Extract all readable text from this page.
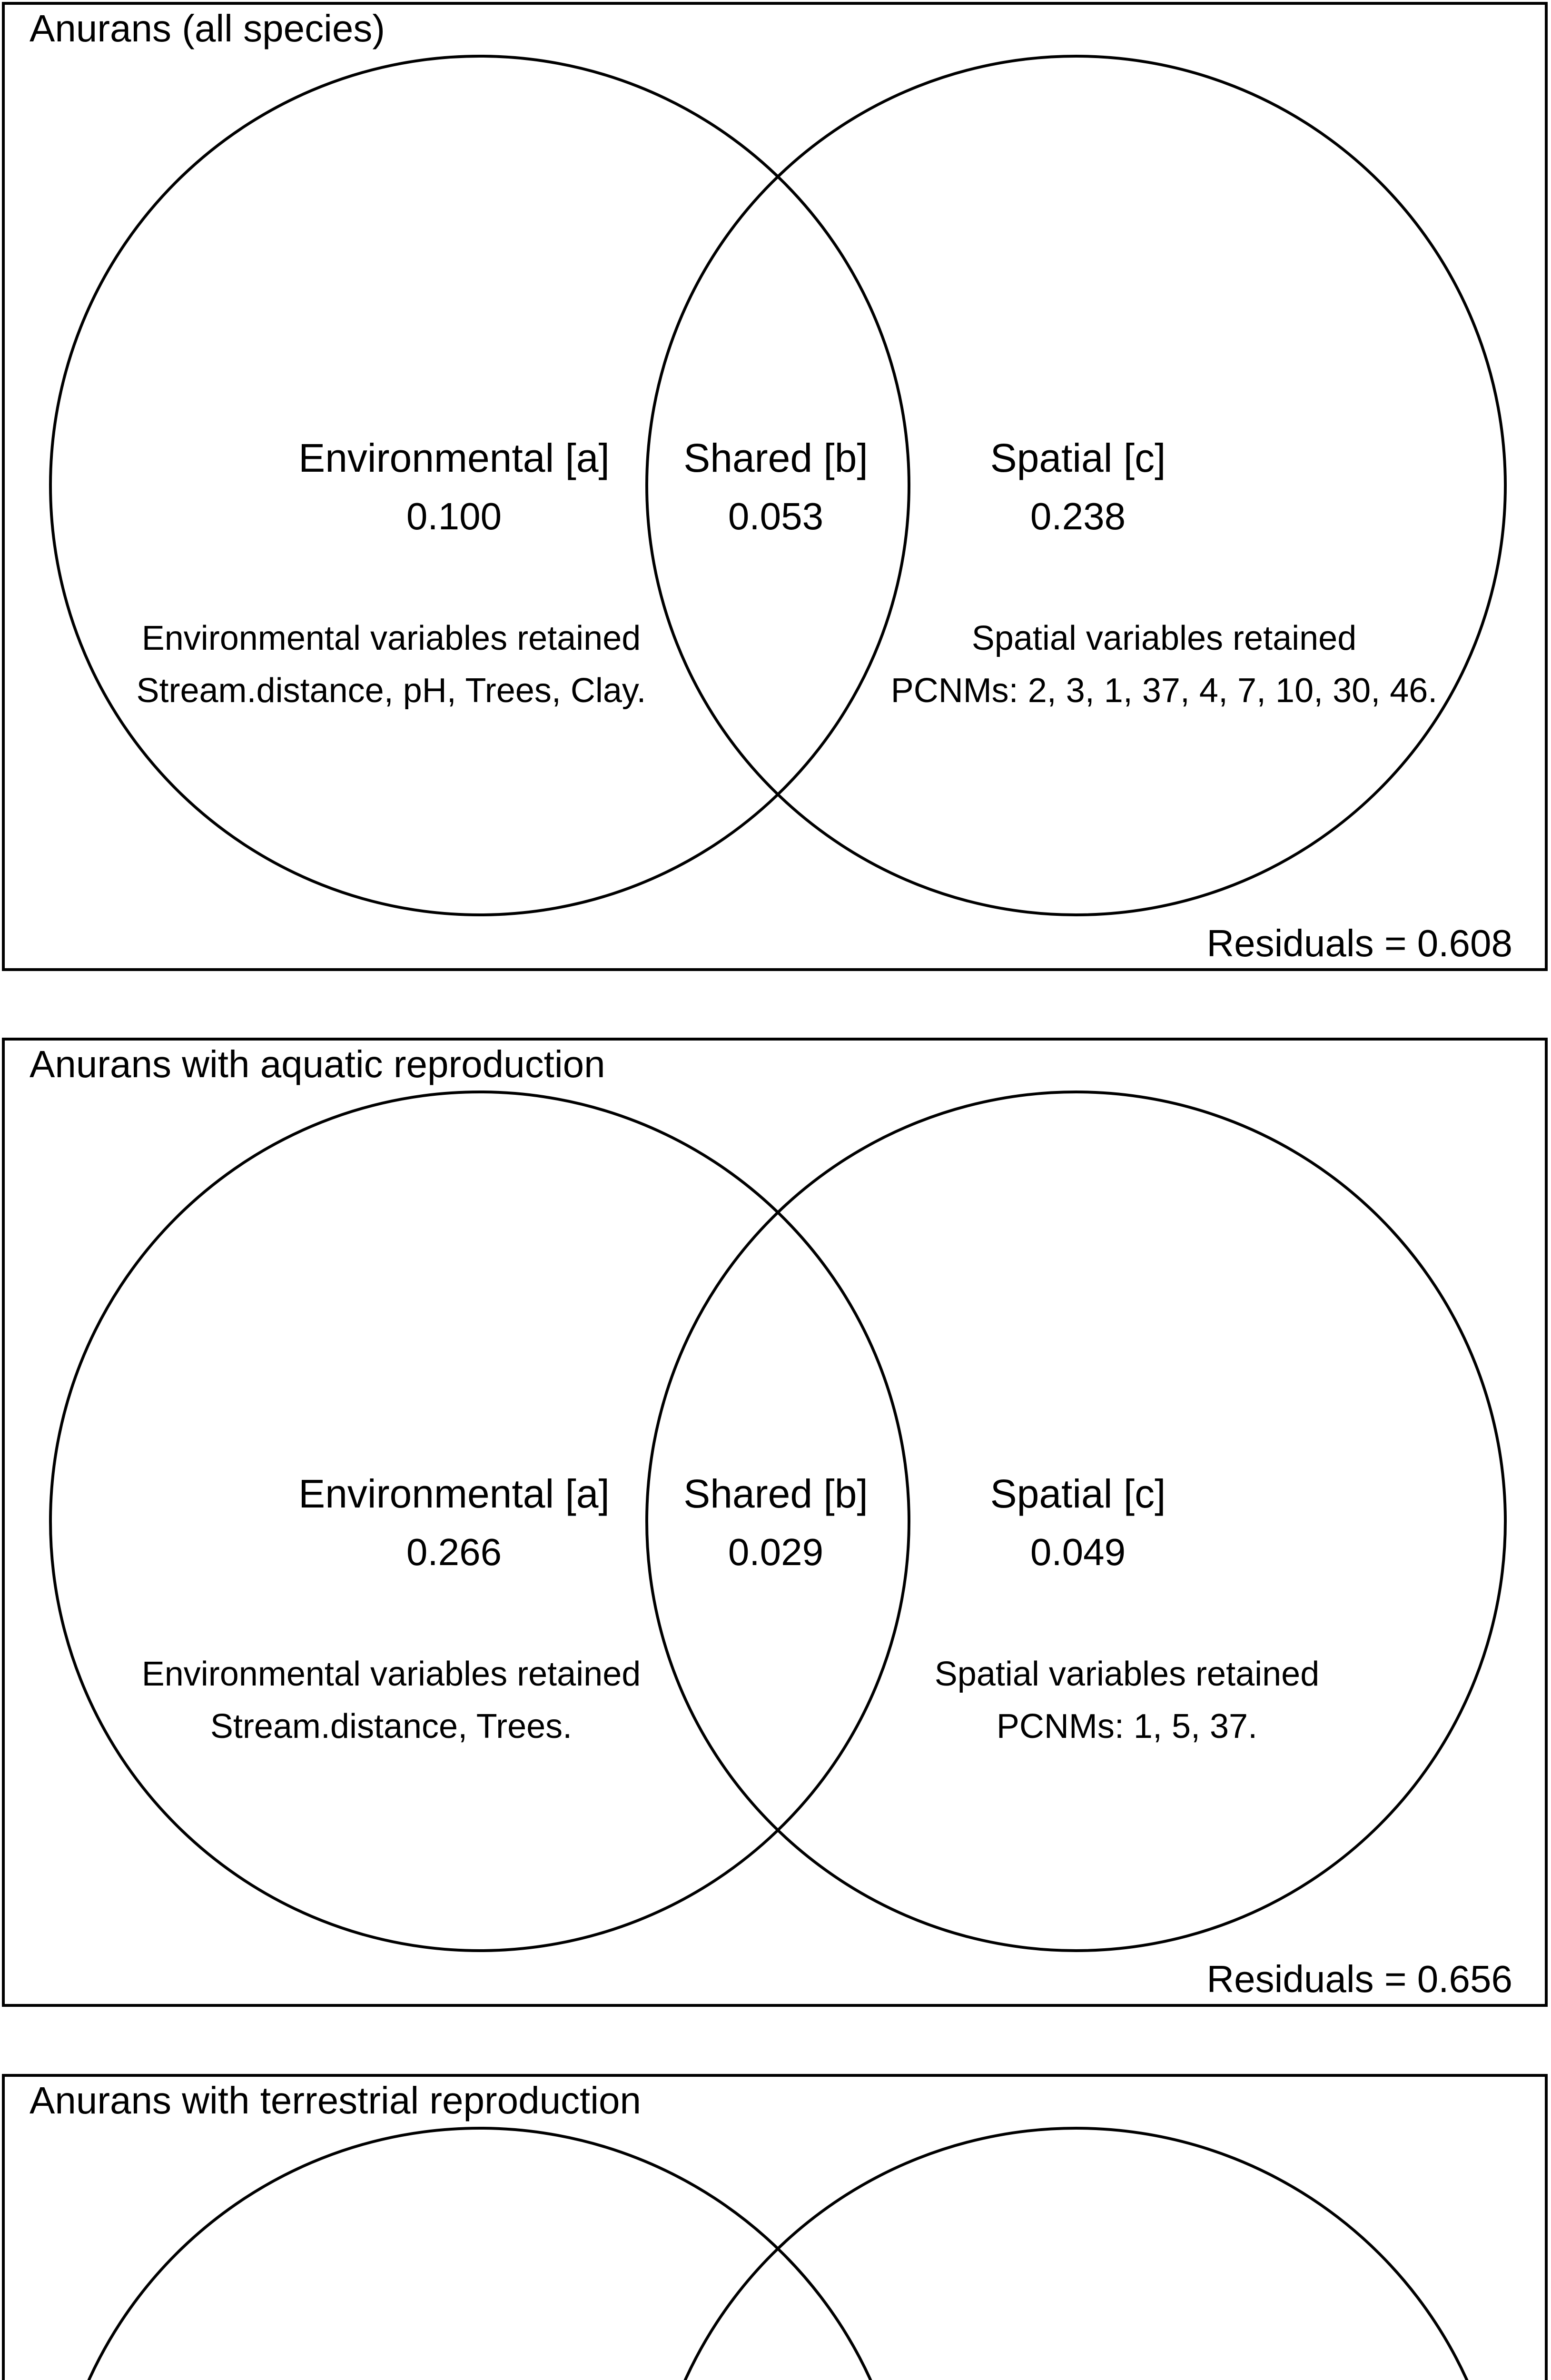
Anurans (all species)
Environmental [a]
0.100
Shared [b]
0.053
Spatial [c]
0.238
Environmental variables retained
Stream.distance, pH, Trees, Clay.
Spatial variables retained
PCNMs: 2, 3, 1, 37, 4, 7, 10, 30, 46.
Residuals = 0.608
Anurans with aquatic reproduction
Environmental [a]
0.266
Shared [b]
0.029
Spatial [c]
0.049
Environmental variables retained
Stream.distance, Trees.
Spatial variables retained
PCNMs: 1, 5, 37.
Residuals = 0.656
Anurans with terrestrial reproduction
